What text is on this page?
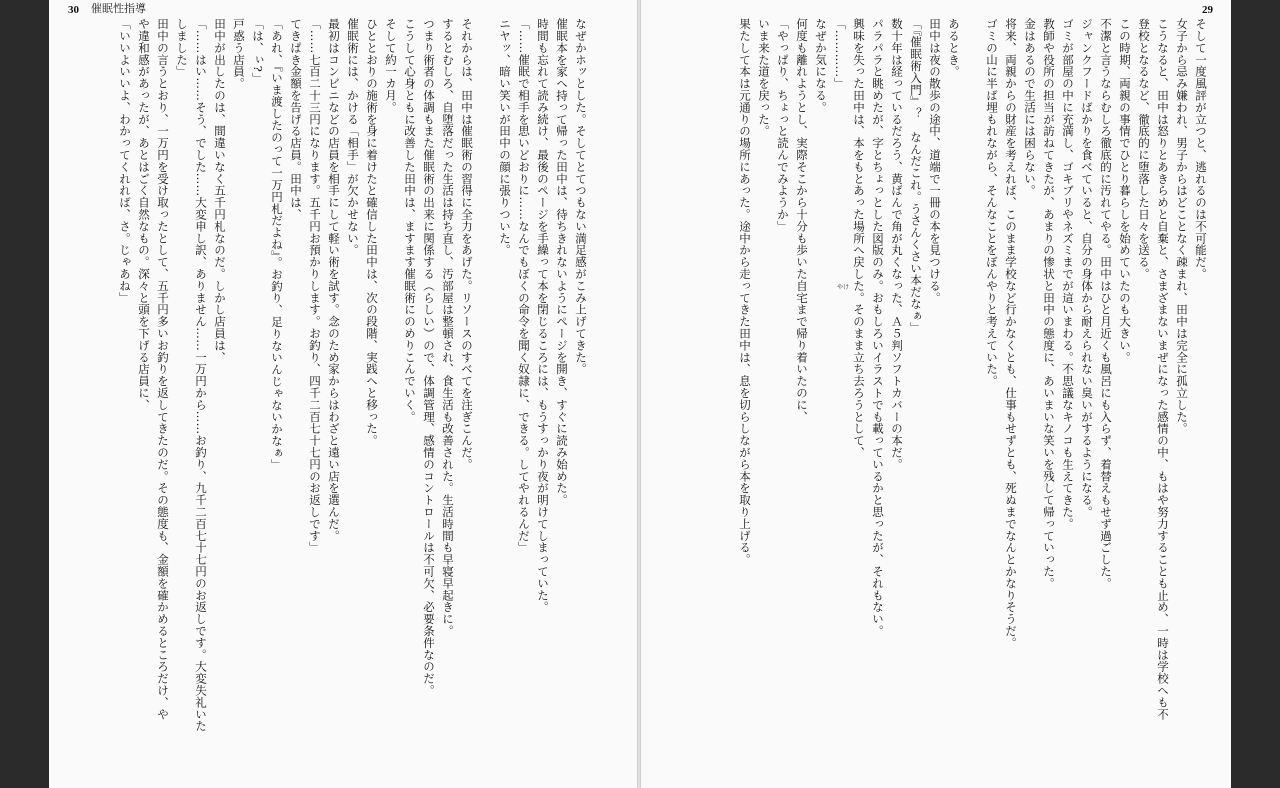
30 催眠性指導
なぜかホッとした。そしてとてつもない満足感がこみ上げてきた。
催眠本を家へ持って帰った田中は、待ちきれないようにページを開き、すぐに読み始めた。
時間も忘れて読み続け、最後のページを手繰って本を閉じるころには、もうすっかり夜が明けてしまっていた。
「……催眠で相手を思いどおりに……なんでもぼくの命令を聞く奴隷に、できる。してやれるんだ」
ニヤッ、暗い笑いが田中の顔に張りついた。

それからは、田中は催眠術の習得に全力をあげた。リソースのすべてを注ぎこんだ。
するとむしろ、自堕落だった生活は持ち直し、汚部屋は整頓され、食生活も改善された。生活時間も早寝早起きに。
つまり術者の体調もまた催眠術の出来に関係する（らしい）ので、体調管理、感情のコントロールは不可欠、必要条件なのだ。
こうして心身ともに改善した田中は、ますます催眠術にのめりこんでいく。
そして約一カ月。
ひととおりの施術を身に着けたと確信した田中は、次の段階、実践へと移った。
催眠術には、かける「相手」が欠かせない。
最初はコンビニなどの店員を相手にして軽い術を試す。念のため家からはわざと遠い店を選んだ。
「……七百二十三円になります。五千円お預かりします。お釣り、四千二百七十七円のお返しです」
てきぱき金額を告げる店員。田中は、
「あれ、『いま渡したのって一万円札だよね』。お釣り、足りないんじゃないかなぁ」
「は、ぃ?」
戸惑う店員。
田中が出したのは、間違いなく五千円札なのだ。しかし店員は、
「……はい……そう、でした……大変申し訳、ありません……一万円から……お釣り、九千二百七十七円のお返しです。大変失礼いた
しました」
田中の言うとおり、一万円を受け取ったとして、五千円多いお釣りを返してきたのだ。その態度も、金額を確かめるところだけ、や
や違和感があったが、あとはごく自然なもの。深々と頭を下げる店員に、
「いいよいいよ、わかってくれれば、さ。じゃあね」
29
やけ
そして一度風評が立つと、逃れるのは不可能だ。
女子から忌み嫌われ、男子からはどことなく疎まれ、田中は完全に孤立した。
こうなると、田中は怒りとあきらめと自棄と、さまざまないまぜになった感情の中、もはや努力することも止め、一時は学校へも不
登校となるなど、徹底的に堕落した日々を送る。
この時期、両親の事情でひとり暮らしを始めていたのも大きい。
不潔と言うならむしろ徹底的に汚れてやる。田中はひと月近くも風呂にも入らず、着替えもせず過ごした。
ジャンクフードばかりを食べていると、自分の身体から耐えられない臭いがするようになる。
ゴミが部屋の中に充満し、ゴキブリやネズミまでが這いまわる。不思議なキノコも生えてきた。
教師や役所の担当が訪ねてきたが、あまりの惨状と田中の態度に、あいまいな笑いを残して帰っていった。
金はあるので生活には困らない。
将来、両親からの財産を考えれば、このまま学校など行かなくとも、仕事もせずとも、死ぬまでなんとかなりそうだ。
ゴミの山に半ば埋もれながら、そんなことをぼんやりと考えていた。

あるとき。
田中は夜の散歩の途中、道端で一冊の本を見つける。
「『催眠術入門』？　なんだこれ。うさんくさい本だなぁ」
数十年は経っているだろう、黄ばんで角が丸くなった、Ａ５判ソフトカバーの本だ。
パラパラと眺めたが、字とちょっとした図版のみ。おもしろいイラストでも載っているかと思ったが、それもない。
興味を失った田中は、本をもとあった場所へ戻した。そのまま立ち去ろうとして、
「…………」
なぜか気になる。
何度も離れようとし、実際そこから十分も歩いた自宅まで帰り着いたのに、
「やっぱり、ちょっと読んでみようか」
いま来た道を戻った。
果たして本は元通りの場所にあった。途中から走ってきた田中は、息を切らしながら本を取り上げる。
